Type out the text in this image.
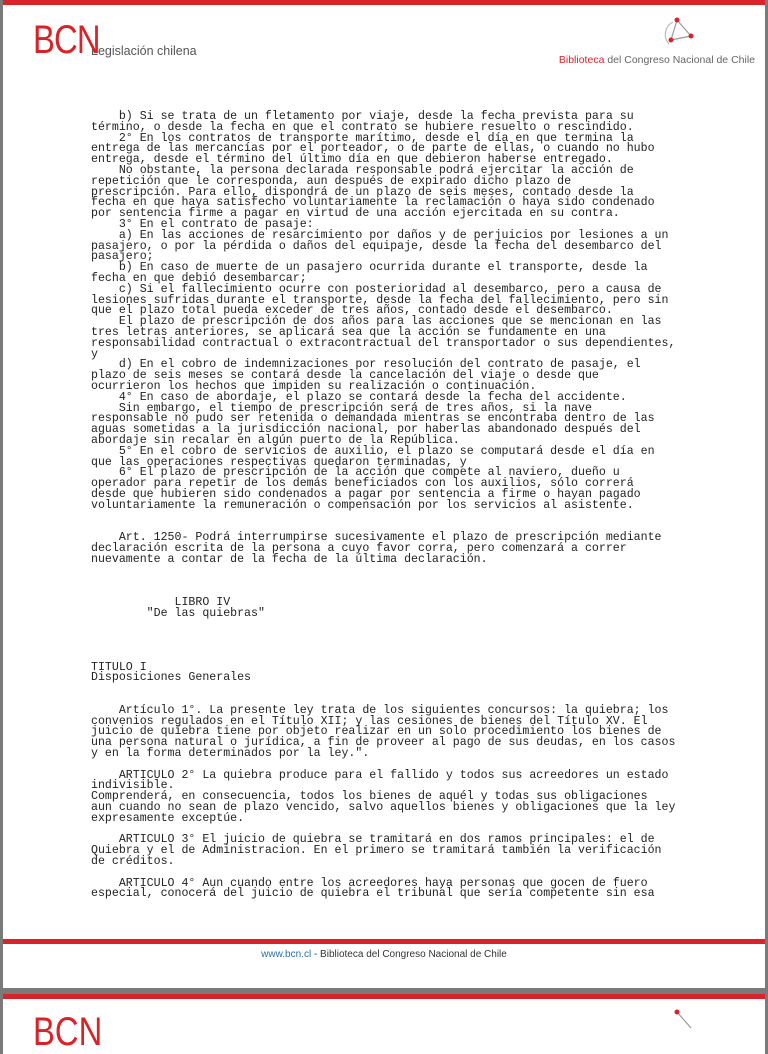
BCN
Legislación chilena
Biblioteca del Congreso Nacional de Chile
b) Si se trata de un fletamento por viaje, desde la fecha prevista para su
término, o desde la fecha en que el contrato se hubiere resuelto o rescindido.
2° En los contratos de transporte marítimo, desde el día en que termina la
entrega de las mercancías por el porteador, o de parte de ellas, o cuando no hubo
entrega, desde el término del último día en que debieron haberse entregado.
No obstante, la persona declarada responsable podrá ejercitar la acción de
repetición que le corresponda, aun después de expirado dicho plazo de
prescripción. Para ello, dispondrá de un plazo de seis meses, contado desde la
fecha en que haya satisfecho voluntariamente la reclamación o haya sido condenado
por sentencia firme a pagar en virtud de una acción ejercitada en su contra.
3° En el contrato de pasaje:
a) En las acciones de resarcimiento por daños y de perjuicios por lesiones a un
pasajero, o por la pérdida o daños del equipaje, desde la fecha del desembarco del
pasajero;
b) En caso de muerte de un pasajero ocurrida durante el transporte, desde la
fecha en que debió desembarcar;
c) Si el fallecimiento ocurre con posterioridad al desembarco, pero a causa de
lesiones sufridas durante el transporte, desde la fecha del fallecimiento, pero sin
que el plazo total pueda exceder de tres años, contado desde el desembarco.
El plazo de prescripción de dos años para las acciones que se mencionan en las
tres letras anteriores, se aplicará sea que la acción se fundamente en una
responsabilidad contractual o extracontractual del transportador o sus dependientes,
y
d) En el cobro de indemnizaciones por resolución del contrato de pasaje, el
plazo de seis meses se contará desde la cancelación del viaje o desde que
ocurrieron los hechos que impiden su realización o continuación.
4° En caso de abordaje, el plazo se contará desde la fecha del accidente.
Sin embargo, el tiempo de prescripción será de tres años, si la nave
responsable no pudo ser retenida o demandada mientras se encontraba dentro de las
aguas sometidas a la jurisdicción nacional, por haberlas abandonado después del
abordaje sin recalar en algún puerto de la República.
5° En el cobro de servicios de auxilio, el plazo se computará desde el día en
que las operaciones respectivas quedaron terminadas, y
6° El plazo de prescripción de la acción que compete al naviero, dueño u
operador para repetir de los demás beneficiados con los auxilios, sólo correrá
desde que hubieren sido condenados a pagar por sentencia a firme o hayan pagado
voluntariamente la remuneración o compensación por los servicios al asistente.

Art. 1250- Podrá interrumpirse sucesivamente el plazo de prescripción mediante
declaración escrita de la persona a cuyo favor corra, pero comenzará a correr
nuevamente a contar de la fecha de la última declaración.

LIBRO IV
"De las quiebras"

TITULO I
Disposiciones Generales

Artículo 1°. La presente ley trata de los siguientes concursos: la quiebra; los
convenios regulados en el Título XII; y las cesiones de bienes del Título XV. El
juicio de quiebra tiene por objeto realizar en un solo procedimiento los bienes de
una persona natural o jurídica, a fin de proveer al pago de sus deudas, en los casos
y en la forma determinados por la ley.".

ARTICULO 2° La quiebra produce para el fallido y todos sus acreedores un estado
indivisible.
Comprenderá, en consecuencia, todos los bienes de aquél y todas sus obligaciones
aun cuando no sean de plazo vencido, salvo aquellos bienes y obligaciones que la ley
expresamente exceptúe.

ARTICULO 3° El juicio de quiebra se tramitará en dos ramos principales: el de
Quiebra y el de Administracion. En el primero se tramitará también la verificación
de créditos.

ARTICULO 4° Aun cuando entre los acreedores haya personas que gocen de fuero
especial, conocerá del juicio de quiebra el tribunal que sería competente sin esa
www.bcn.cl - Biblioteca del Congreso Nacional de Chile
BCN
